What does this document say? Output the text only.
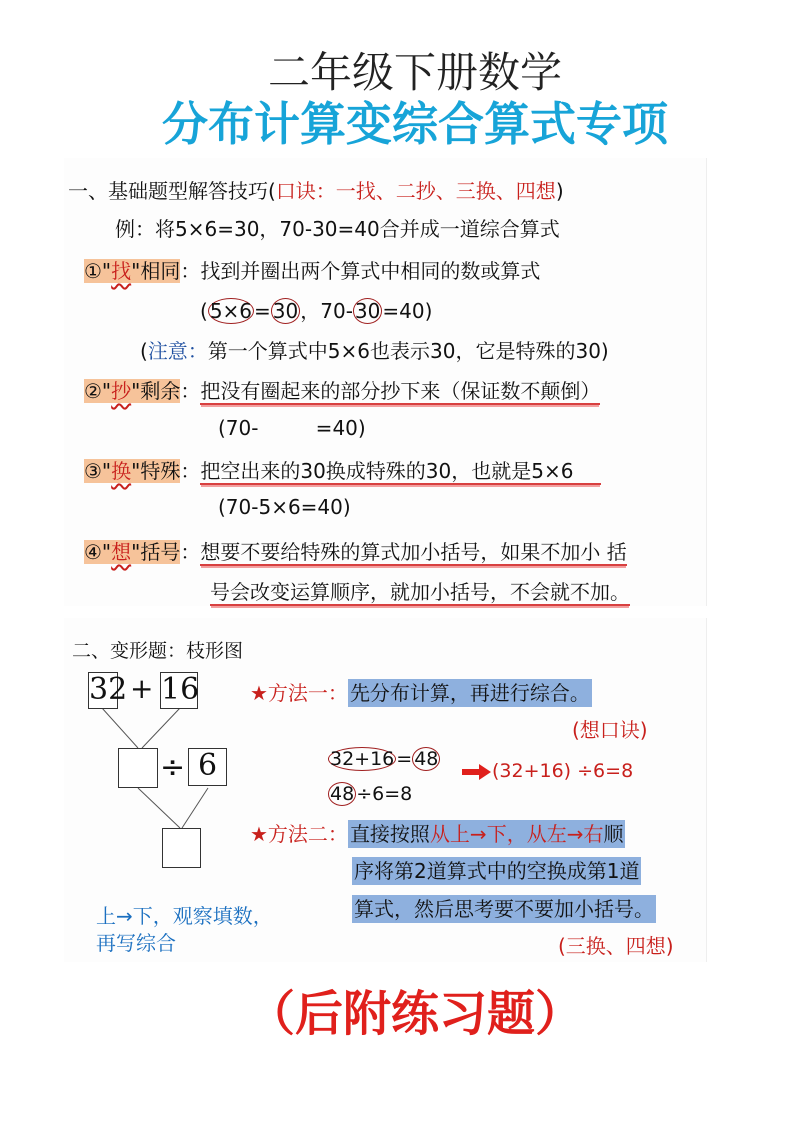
二年级下册数学
分布计算变综合算式专项
一、基础题型解答技巧(口诀：一找、二抄、三换、四想)
例：将5×6=30，70-30=40合并成一道综合算式
①"找"相同：找到并圈出两个算式中相同的数或算式
( 5×6 = 30 ，70- 30 =40)
(注意：第一个算式中5×6也表示30，它是特殊的30)
②"抄"剩余：把没有圈起来的部分抄下来（保证数不颠倒）
(70-         =40)
③"换"特殊：把空出来的30换成特殊的30，也就是5×6
(70-5×6=40)
④"想"括号：想要不要给特殊的算式加小括号，如果不加小 括
号会改变运算顺序，就加小括号，不会就不加。
二、变形题：枝形图
32 + 16
÷ 6
★方法一： 先分布计算，再进行综合。
(想口诀)
32+16 = 48
48 ÷6=8
(32+16) ÷6=8
★方法二： 直接按照从上→下，从左→右顺
序将第2道算式中的空换成第1道
算式，然后思考要不要加小括号。
(三换、四想)
上→下，观察填数，
再写综合
（后附练习题）
